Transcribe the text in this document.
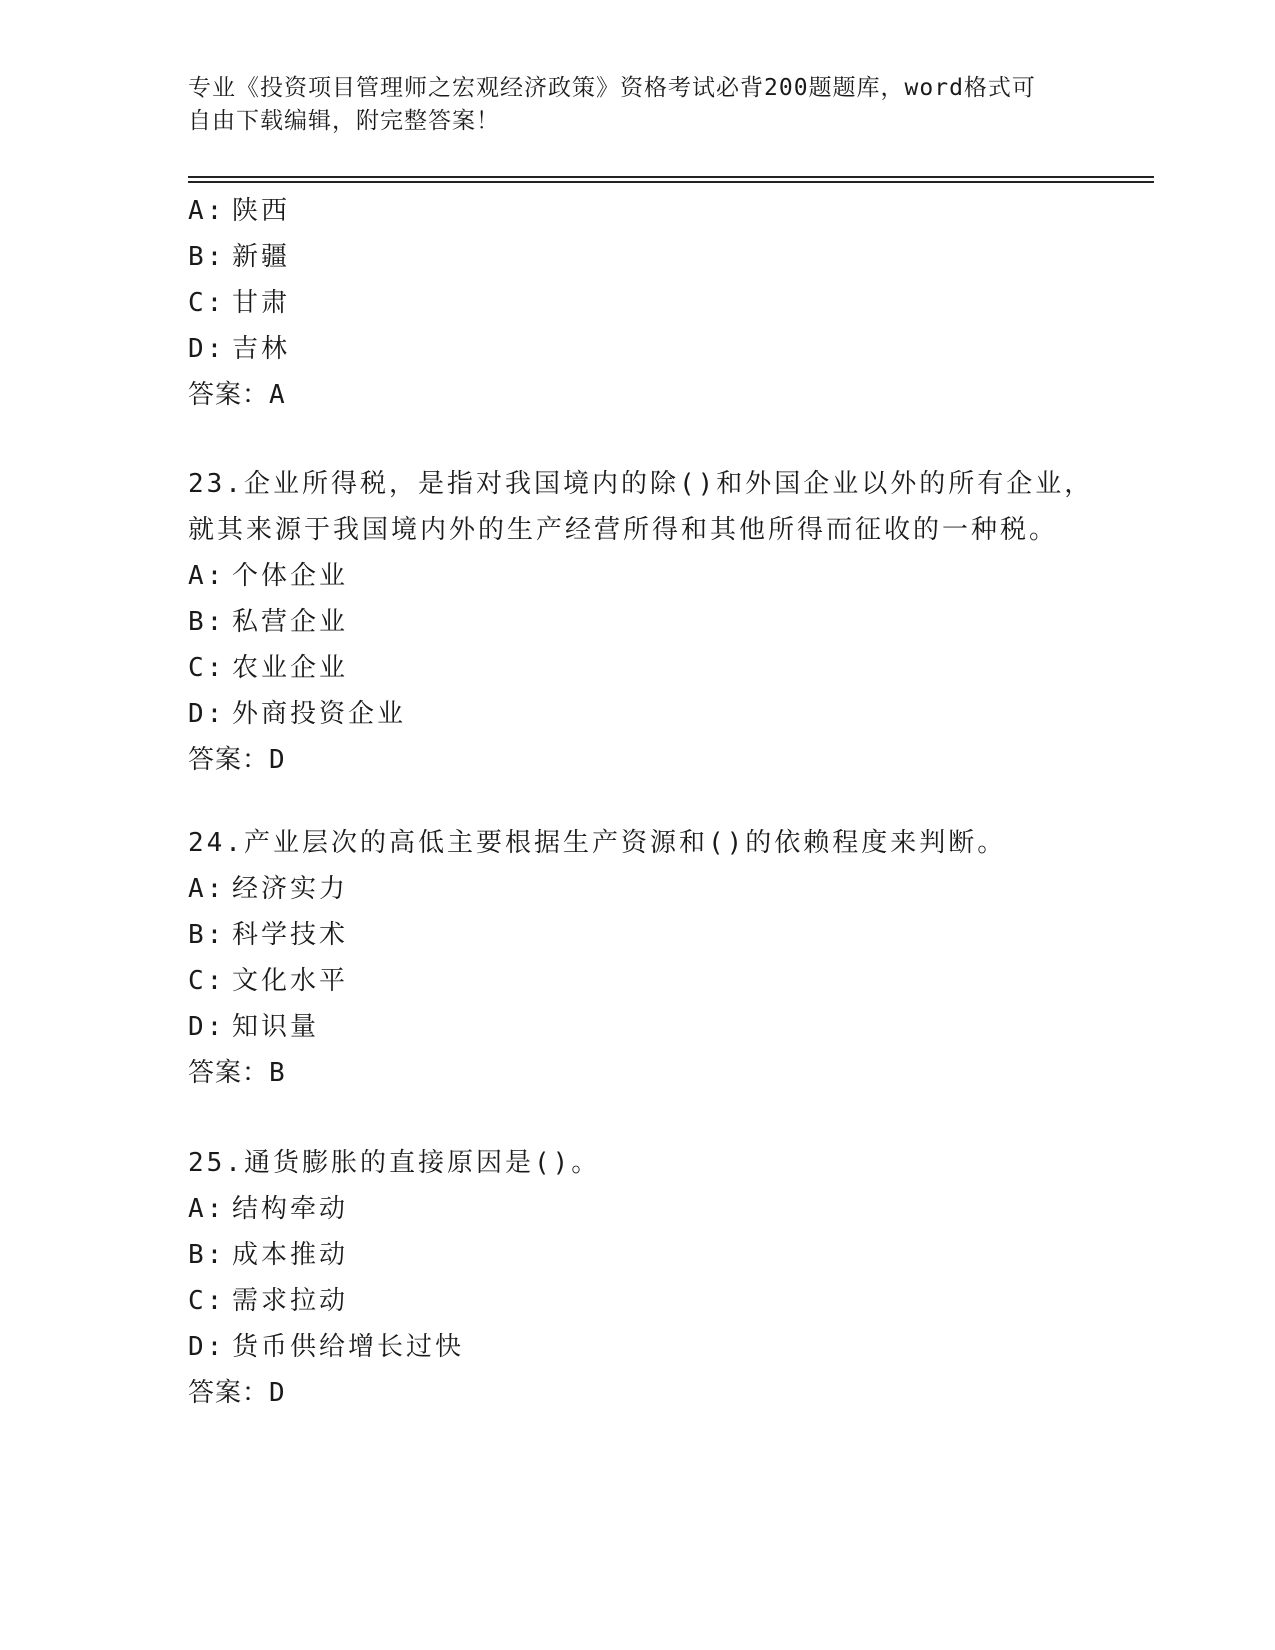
专业《投资项目管理师之宏观经济政策》资格考试必背200题题库，word格式可
自由下载编辑，附完整答案！
A: 陕西
B: 新疆
C: 甘肃
D: 吉林
答案：A
23.企业所得税，是指对我国境内的除()和外国企业以外的所有企业，
就其来源于我国境内外的生产经营所得和其他所得而征收的一种税。
A: 个体企业
B: 私营企业
C: 农业企业
D: 外商投资企业
答案：D
24.产业层次的高低主要根据生产资源和()的依赖程度来判断。
A: 经济实力
B: 科学技术
C: 文化水平
D: 知识量
答案：B
25.通货膨胀的直接原因是()。
A: 结构牵动
B: 成本推动
C: 需求拉动
D: 货币供给增长过快
答案：D
